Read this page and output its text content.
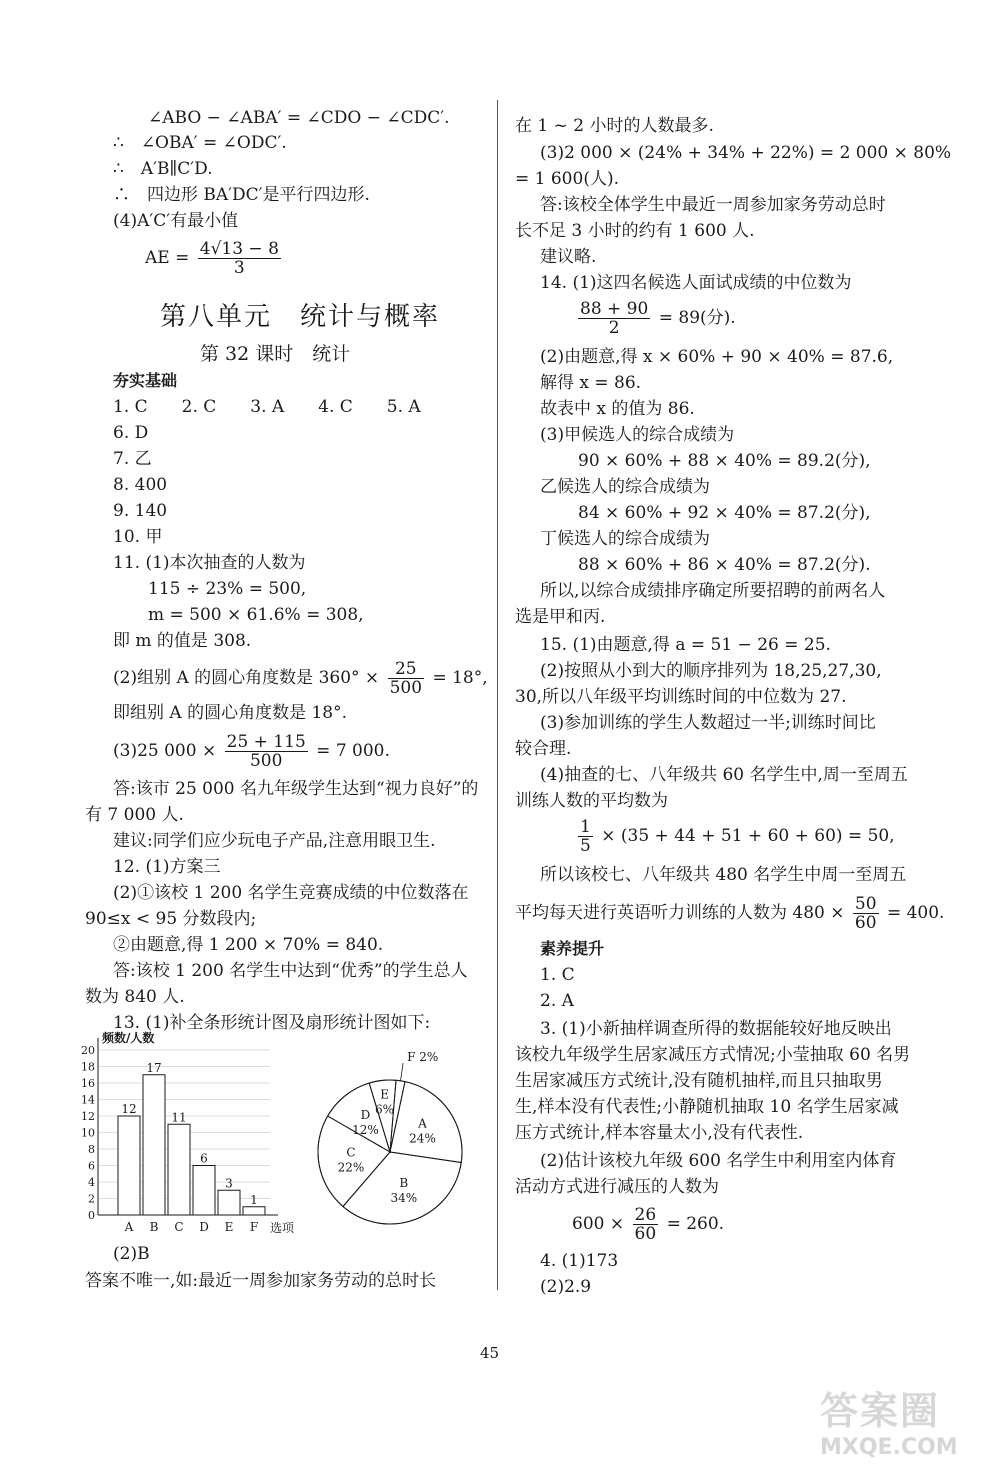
∠ABO − ∠ABA′ = ∠CDO − ∠CDC′.
∴　∠OBA′ = ∠ODC′.
∴　A′B∥C′D.
∴　四边形 BA′DC′是平行四边形.
(4)A′C′有最小值
AE = $\frac{4√13 - 8}{3}$
第八单元　统计与概率
第 32 课时　统计
夯实基础
1. C　　2. C　　3. A　　4. C　　5. A
6. D
7. 乙
8. 400
9. 140
10. 甲
11. (1)本次抽查的人数为
115 ÷ 23% = 500,
m = 500 × 61.6% = 308,
即 m 的值是 308.
(2)组别 A 的圆心角度数是 $360^\circ \times \frac{25}{500} = 18^\circ$,
即组别 A 的圆心角度数是 18°.
(3)25 $000 \times \frac{25 + 115}{500} = 7$ 000.
答:该市 25 000 名九年级学生达到“视力良好”的
有 7 000 人.
建议:同学们应少玩电子产品,注意用眼卫生.
12. (1)方案三
(2)①该校 1 200 名学生竞赛成绩的中位数落在
90≤x < 95 分数段内;
②由题意,得 1 200 × 70% = 840.
答:该校 1 200 名学生中达到“优秀”的学生总人
数为 840 人.
13. (1)补全条形统计图及扇形统计图如下:
0
2
4
6
8
10
12
14
16
18
20
频数/人数
选项
12
A
17
B
11
C
6
D
3
E
1
F
A
24%
B
34%
C
22%
D
12%
E
6%
F 2%
(2)B
答案不唯一,如:最近一周参加家务劳动的总时长
在 1 ~ 2 小时的人数最多.
(3)2 000 × (24% + 34% + 22%) = 2 000 × 80%
= 1 600(人).
答:该校全体学生中最近一周参加家务劳动总时
长不足 3 小时的约有 1 600 人.
建议略.
14. (1)这四名候选人面试成绩的中位数为
$\frac{88 + 90}{2} = 89$(分).
(2)由题意,得 x × 60% + 90 × 40% = 87.6,
解得 x = 86.
故表中 x 的值为 86.
(3)甲候选人的综合成绩为
90 × 60% + 88 × 40% = 89.2(分),
乙候选人的综合成绩为
84 × 60% + 92 × 40% = 87.2(分),
丁候选人的综合成绩为
88 × 60% + 86 × 40% = 87.2(分).
所以,以综合成绩排序确定所要招聘的前两名人
选是甲和丙.
15. (1)由题意,得 a = 51 − 26 = 25.
(2)按照从小到大的顺序排列为 18,25,27,30,
30,所以八年级平均训练时间的中位数为 27.
(3)参加训练的学生人数超过一半;训练时间比
较合理.
(4)抽查的七、八年级共 60 名学生中,周一至周五
训练人数的平均数为
$\frac{1}{5} \times (35 + 44 + 51 + 60 + 60) = 50$,
所以该校七、八年级共 480 名学生中周一至周五
平均每天进行英语听力训练的人数为 $480 \times \frac{50}{60} = 400$.
素养提升
1. C
2. A
3. (1)小新抽样调查所得的数据能较好地反映出
该校九年级学生居家减压方式情况;小莹抽取 60 名男
生居家减压方式统计,没有随机抽样,而且只抽取男
生,样本没有代表性;小静随机抽取 10 名学生居家减
压方式统计,样本容量太小,没有代表性.
(2)估计该校九年级 600 名学生中利用室内体育
活动方式进行减压的人数为
$600 \times \frac{26}{60} = 260$.
4. (1)173
(2)2.9
45
答案圈
MXQE.COM
